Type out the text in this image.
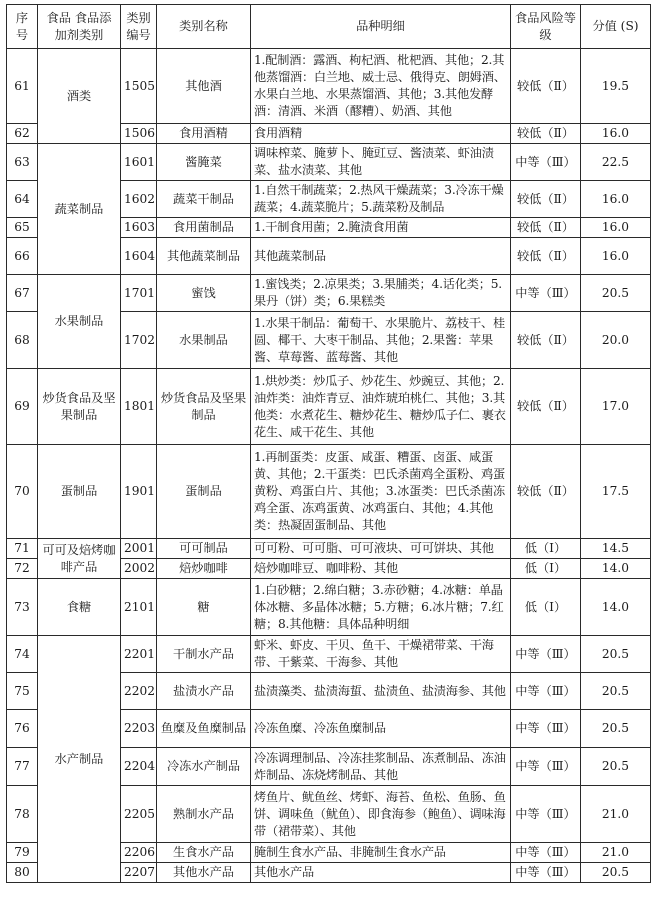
序号	食品 食品添加剂类别	类别编号	类别名称	品种明细	食品风险等级	分值 (S)
61	酒类	1505	其他酒	1.配制酒：露酒、枸杞酒、枇杷酒、其他；2.其他蒸馏酒：白兰地、威士忌、俄得克、朗姆酒、水果白兰地、水果蒸馏酒、其他；3.其他发酵酒：清酒、米酒（醪糟）、奶酒、其他	较低（Ⅱ）	19.5
62		1506	食用酒精	食用酒精	较低（Ⅱ）	16.0
63	蔬菜制品	1601	酱腌菜	调味榨菜、腌萝卜、腌豇豆、酱渍菜、虾油渍菜、盐水渍菜、其他	中等（Ⅲ）	22.5
64		1602	蔬菜干制品	1.自然干制蔬菜；2.热风干燥蔬菜；3.冷冻干燥蔬菜；4.蔬菜脆片；5.蔬菜粉及制品	较低（Ⅱ）	16.0
65		1603	食用菌制品	1.干制食用菌；2.腌渍食用菌	较低（Ⅱ）	16.0
66		1604	其他蔬菜制品	其他蔬菜制品	较低（Ⅱ）	16.0
67	水果制品	1701	蜜饯	1.蜜饯类；2.凉果类；3.果脯类；4.话化类；5.果丹（饼）类；6.果糕类	中等（Ⅲ）	20.5
68		1702	水果制品	1.水果干制品：葡萄干、水果脆片、荔枝干、桂圆、椰干、大枣干制品、其他；2.果酱：苹果酱、草莓酱、蓝莓酱、其他	较低（Ⅱ）	20.0
69	炒货食品及坚果制品	1801	炒货食品及坚果制品	1.烘炒类：炒瓜子、炒花生、炒豌豆、其他；2.油炸类：油炸青豆、油炸琥珀桃仁、其他；3.其他类：水煮花生、糖炒花生、糖炒瓜子仁、裹衣花生、咸干花生、其他	较低（Ⅱ）	17.0
70	蛋制品	1901	蛋制品	1.再制蛋类：皮蛋、咸蛋、糟蛋、卤蛋、咸蛋黄、其他；2.干蛋类：巴氏杀菌鸡全蛋粉、鸡蛋黄粉、鸡蛋白片、其他；3.冰蛋类：巴氏杀菌冻鸡全蛋、冻鸡蛋黄、冰鸡蛋白、其他；4.其他类：热凝固蛋制品、其他	较低（Ⅱ）	17.5
71	可可及焙烤咖啡产品	2001	可可制品	可可粉、可可脂、可可液块、可可饼块、其他	低（Ⅰ）	14.5
72		2002	焙炒咖啡	焙炒咖啡豆、咖啡粉、其他	低（Ⅰ）	14.0
73	食糖	2101	糖	1.白砂糖；2.绵白糖；3.赤砂糖；4.冰糖：单晶体冰糖、多晶体冰糖；5.方糖；6.冰片糖；7.红糖；8.其他糖：具体品种明细	低（Ⅰ）	14.0
74	水产制品	2201	干制水产品	虾米、虾皮、干贝、鱼干、干燥裙带菜、干海带、干紫菜、干海参、其他	中等（Ⅲ）	20.5
75		2202	盐渍水产品	盐渍藻类、盐渍海蜇、盐渍鱼、盐渍海参、其他	中等（Ⅲ）	20.5
76		2203	鱼糜及鱼糜制品	冷冻鱼糜、冷冻鱼糜制品	中等（Ⅲ）	20.5
77		2204	冷冻水产制品	冷冻调理制品、冷冻挂浆制品、冻煮制品、冻油炸制品、冻烧烤制品、其他	中等（Ⅲ）	20.5
78		2205	熟制水产品	烤鱼片、鱿鱼丝、烤虾、海苔、鱼松、鱼肠、鱼饼、调味鱼（鱿鱼）、即食海参（鲍鱼）、调味海带（裙带菜）、其他	中等（Ⅲ）	21.0
79		2206	生食水产品	腌制生食水产品、非腌制生食水产品	中等（Ⅲ）	21.0
80		2207	其他水产品	其他水产品	中等（Ⅲ）	20.5
